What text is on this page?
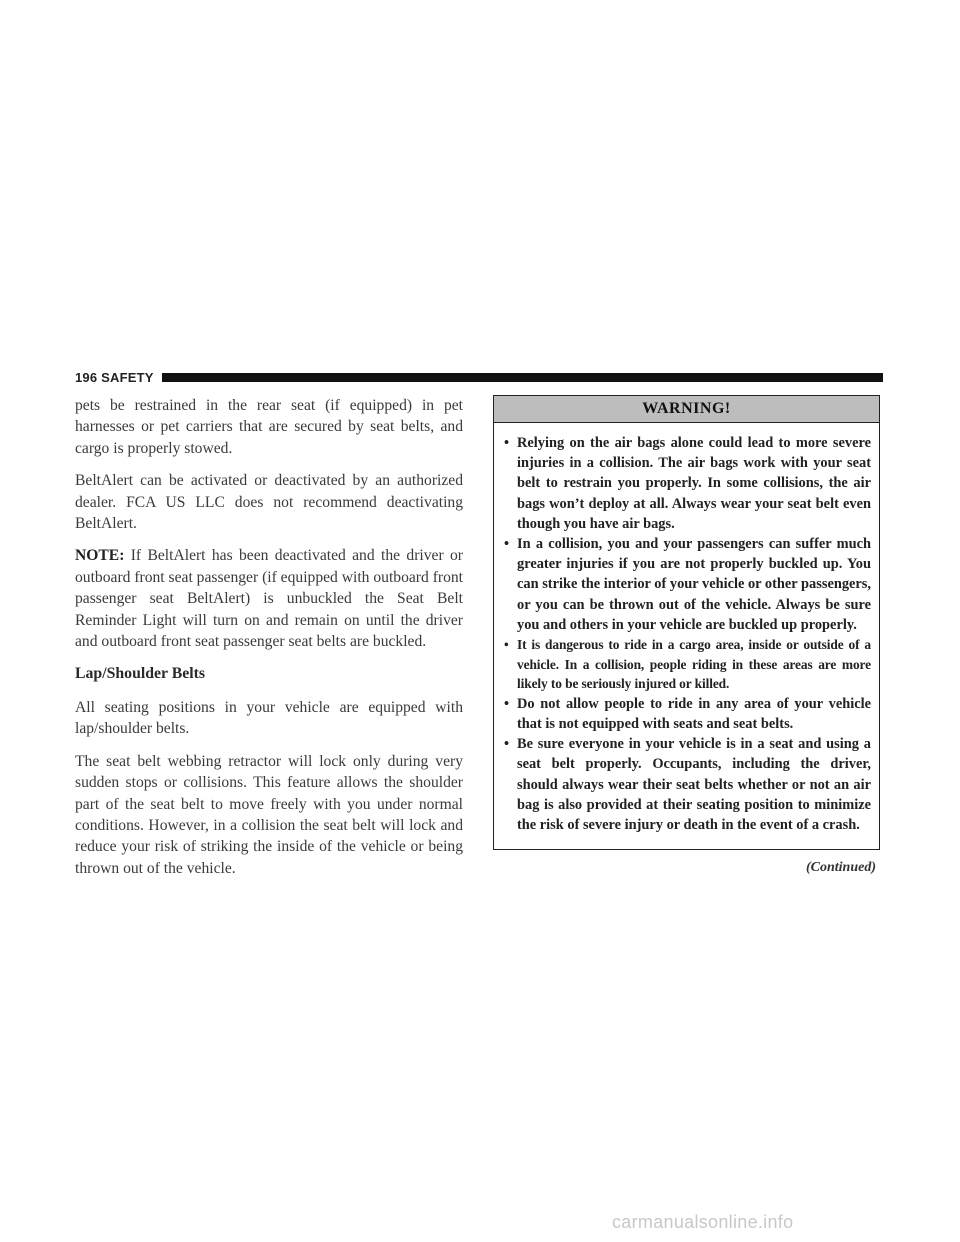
196 SAFETY

pets be restrained in the rear seat (if equipped) in pet harnesses or pet carriers that are secured by seat belts, and cargo is properly stowed.

BeltAlert can be activated or deactivated by an authorized dealer. FCA US LLC does not recommend deactivating BeltAlert.

NOTE: If BeltAlert has been deactivated and the driver or outboard front seat passenger (if equipped with outboard front passenger seat BeltAlert) is unbuckled the Seat Belt Reminder Light will turn on and remain on until the driver and outboard front seat passenger seat belts are buckled.

Lap/Shoulder Belts

All seating positions in your vehicle are equipped with lap/shoulder belts.

The seat belt webbing retractor will lock only during very sudden stops or collisions. This feature allows the shoulder part of the seat belt to move freely with you under normal conditions. However, in a collision the seat belt will lock and reduce your risk of striking the inside of the vehicle or being thrown out of the vehicle.

WARNING!
• Relying on the air bags alone could lead to more severe injuries in a collision. The air bags work with your seat belt to restrain you properly. In some collisions, the air bags won’t deploy at all. Always wear your seat belt even though you have air bags.
• In a collision, you and your passengers can suffer much greater injuries if you are not properly buckled up. You can strike the interior of your vehicle or other passengers, or you can be thrown out of the vehicle. Always be sure you and others in your vehicle are buckled up properly.
• It is dangerous to ride in a cargo area, inside or outside of a vehicle. In a collision, people riding in these areas are more likely to be seriously injured or killed.
• Do not allow people to ride in any area of your vehicle that is not equipped with seats and seat belts.
• Be sure everyone in your vehicle is in a seat and using a seat belt properly. Occupants, including the driver, should always wear their seat belts whether or not an air bag is also provided at their seating position to minimize the risk of severe injury or death in the event of a crash.
(Continued)
carmanualsonline.info
